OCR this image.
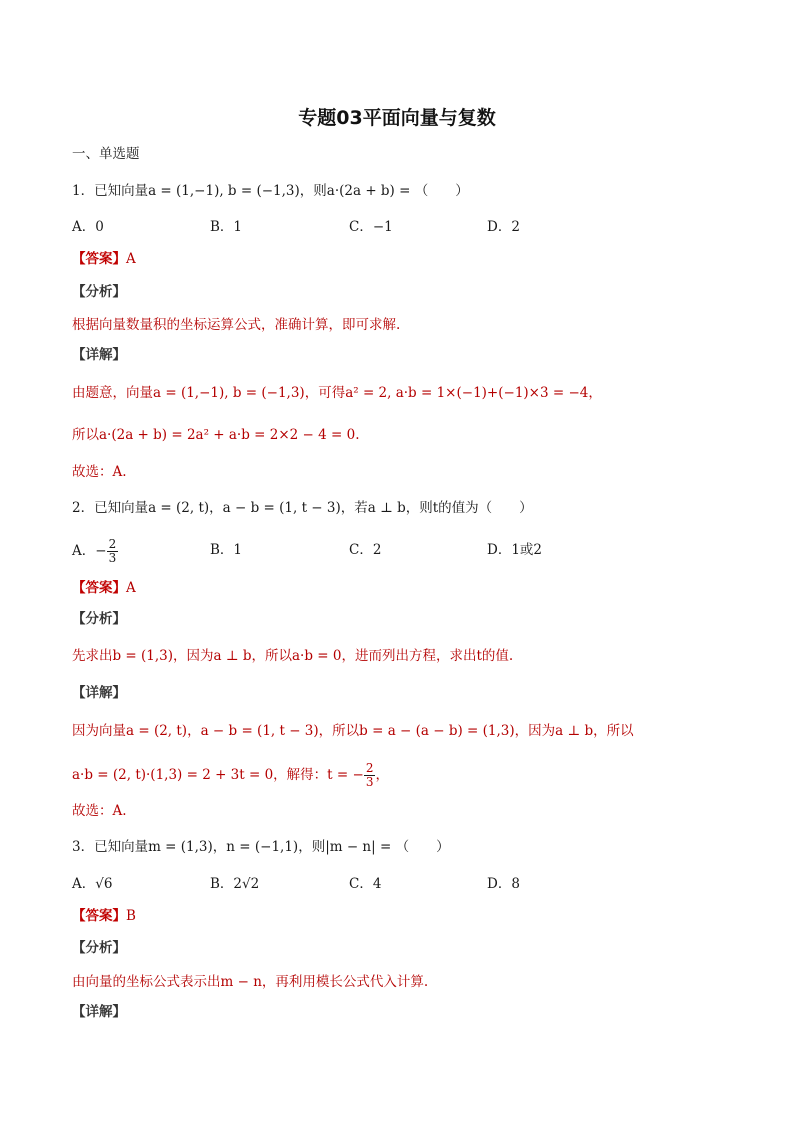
专题03平面向量与复数
一、单选题
1．已知向量a = (1,−1), b = (−1,3)，则a·(2a + b) = （　　）
A．0	B．1	C．−1	D．2
【答案】A
【分析】
根据向量数量积的坐标运算公式，准确计算，即可求解.
【详解】
由题意，向量a = (1,−1), b = (−1,3)，可得a² = 2, a·b = 1×(−1)+(−1)×3 = −4，
所以a·(2a + b) = 2a² + a·b = 2×2 − 4 = 0.
故选：A.
2．已知向量a = (2, t)，a − b = (1, t − 3)，若a ⊥ b，则t的值为（　　）
A．− $\frac{2}{3}$	B．1	C．2	D．1或2
【答案】A
【分析】
先求出b = (1,3)，因为a ⊥ b，所以a·b = 0，进而列出方程，求出t的值.
【详解】
因为向量a = (2, t)，a − b = (1, t − 3)，所以b = a − (a − b) = (1,3)，因为a ⊥ b，所以
a·b = (2, t)·(1,3) = 2 + 3t = 0，解得：t = − $\frac{2}{3}$ ，
故选：A.
3．已知向量m = (1,3)，n = (−1,1)，则|m − n| = （　　）
A．√6	B．2√2	C．4	D．8
【答案】B
【分析】
由向量的坐标公式表示出m − n，再利用模长公式代入计算.
【详解】
